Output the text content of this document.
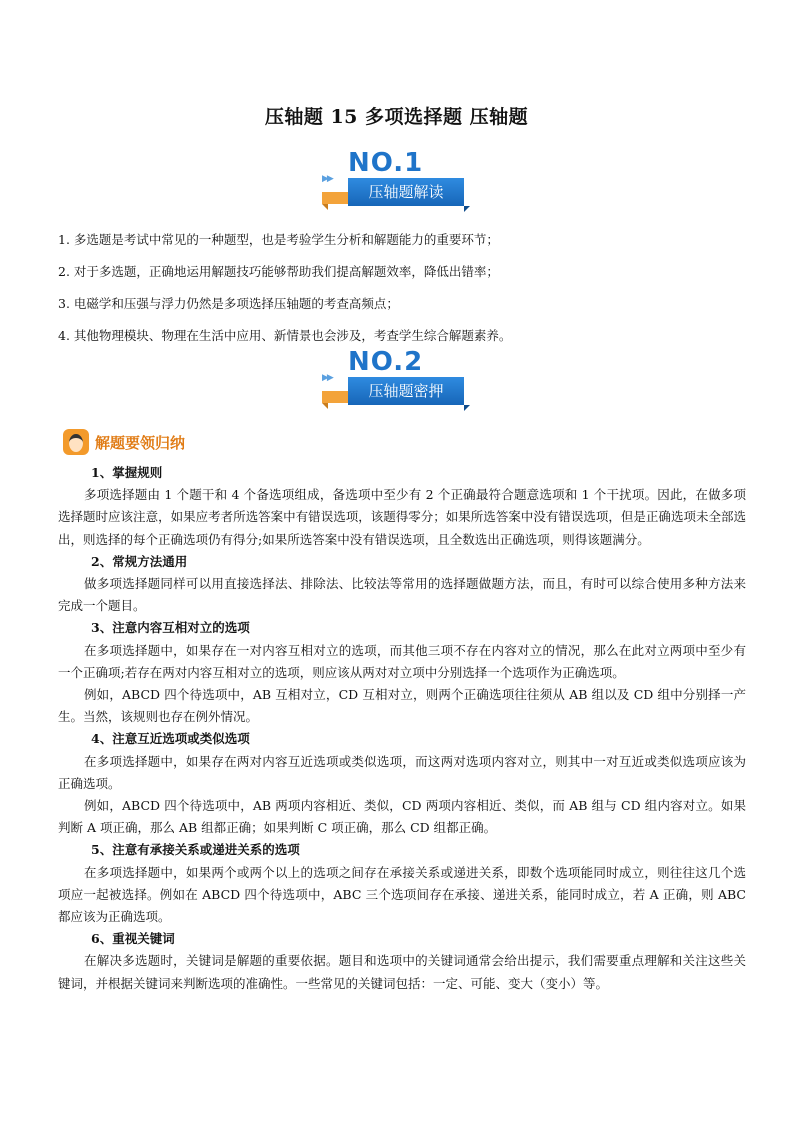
压轴题 15 多项选择题 压轴题
▶▶
NO.1
压轴题解读

1. 多选题是考试中常见的一种题型，也是考验学生分析和解题能力的重要环节；

2. 对于多选题，正确地运用解题技巧能够帮助我们提高解题效率，降低出错率；

3. 电磁学和压强与浮力仍然是多项选择压轴题的考查高频点；

4. 其他物理模块、物理在生活中应用、新情景也会涉及，考查学生综合解题素养。

▶▶
NO.2
压轴题密押
解题要领归纳
1、掌握规则

多项选择题由 1 个题干和 4 个备选项组成，备选项中至少有 2 个正确最符合题意选项和 1 个干扰项。因此，在做多项选择题时应该注意，如果应考者所选答案中有错误选项，该题得零分；如果所选答案中没有错误选项，但是正确选项未全部选出，则选择的每个正确选项仍有得分;如果所选答案中没有错误选项，且全数选出正确选项，则得该题满分。

2、常规方法通用

做多项选择题同样可以用直接选择法、排除法、比较法等常用的选择题做题方法，而且，有时可以综合使用多种方法来完成一个题目。

3、注意内容互相对立的选项

在多项选择题中，如果存在一对内容互相对立的选项，而其他三项不存在内容对立的情况，那么在此对立两项中至少有一个正确项;若存在两对内容互相对立的选项，则应该从两对对立项中分别选择一个选项作为正确选项。

例如，ABCD 四个待选项中，AB 互相对立，CD 互相对立，则两个正确选项往往须从 AB 组以及 CD 组中分别择一产生。当然，该规则也存在例外情况。

4、注意互近选项或类似选项

在多项选择题中，如果存在两对内容互近选项或类似选项，而这两对选项内容对立，则其中一对互近或类似选项应该为正确选项。

例如，ABCD 四个待选项中，AB 两项内容相近、类似，CD 两项内容相近、类似，而 AB 组与 CD 组内容对立。如果判断 A 项正确，那么 AB 组都正确；如果判断 C 项正确，那么 CD 组都正确。

5、注意有承接关系或递进关系的选项

在多项选择题中，如果两个或两个以上的选项之间存在承接关系或递进关系，即数个选项能同时成立，则往往这几个选项应一起被选择。例如在 ABCD 四个待选项中，ABC 三个选项间存在承接、递进关系，能同时成立，若 A 正确，则 ABC 都应该为正确选项。

6、重视关键词

在解决多选题时，关键词是解题的重要依据。题目和选项中的关键词通常会给出提示，我们需要重点理解和关注这些关键词，并根据关键词来判断选项的准确性。一些常见的关键词包括：一定、可能、变大（变小）等。
